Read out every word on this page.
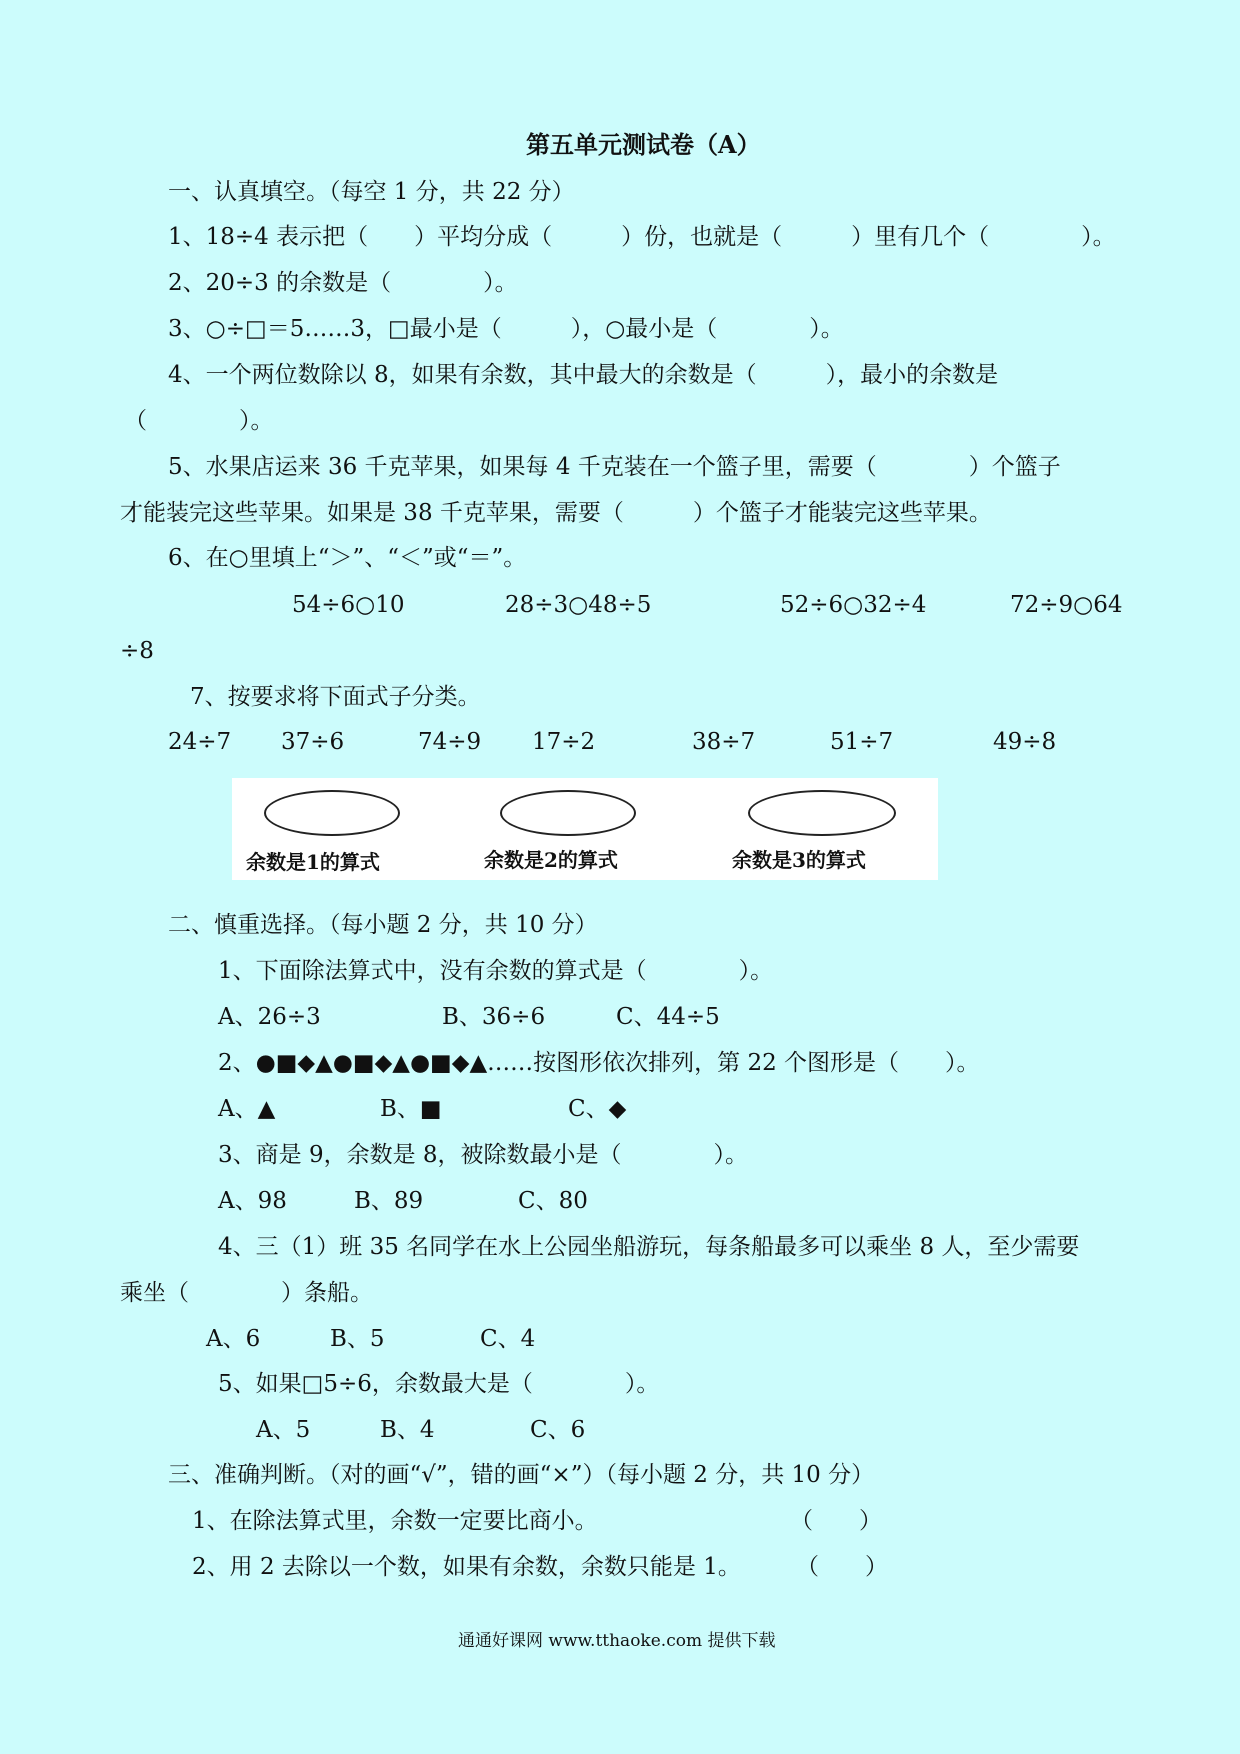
第五单元测试卷（A）
一、认真填空。（每空 1 分，共 22 分）
1、18÷4 表示把（　　）平均分成（　　　）份，也就是（　　　）里有几个（　　　　）。
2、20÷3 的余数是（　　　　）。
3、○÷□＝5……3，□最小是（　　　），○最小是（　　　　）。
4、一个两位数除以 8，如果有余数，其中最大的余数是（　　　），最小的余数是
（　　　　）。
5、水果店运来 36 千克苹果，如果每 4 千克装在一个篮子里，需要（　　　　）个篮子
才能装完这些苹果。如果是 38 千克苹果，需要（　　　）个篮子才能装完这些苹果。
6、在○里填上“＞”、“＜”或“＝”。
54÷6○10	28÷3○48÷5	52÷6○32÷4	72÷9○64
÷8
7、按要求将下面式子分类。
24÷7 37÷6	74÷9 17÷2	38÷7	51÷7	49÷8
余数是1的算式	余数是2的算式	余数是3的算式
二、慎重选择。（每小题 2 分，共 10 分）
1、下面除法算式中，没有余数的算式是（　　　　）。
A、26÷3	B、36÷6	C、44÷5
2、●■◆▲●■◆▲●■◆▲……按图形依次排列，第 22 个图形是（　　）。
A、▲	B、■	C、◆
3、商是 9，余数是 8，被除数最小是（　　　　）。
A、98	B、89	C、80
4、三（1）班 35 名同学在水上公园坐船游玩，每条船最多可以乘坐 8 人，至少需要
乘坐（　　　　）条船。
A、6	B、5	C、4
5、如果□5÷6，余数最大是（　　　　）。
A、5	B、4	C、6
三、准确判断。（对的画“√”，错的画“×”）（每小题 2 分，共 10 分）
1、在除法算式里，余数一定要比商小。	（　　）
2、用 2 去除以一个数，如果有余数，余数只能是 1。 （　　）
通通好课网 www.tthaoke.com 提供下载
